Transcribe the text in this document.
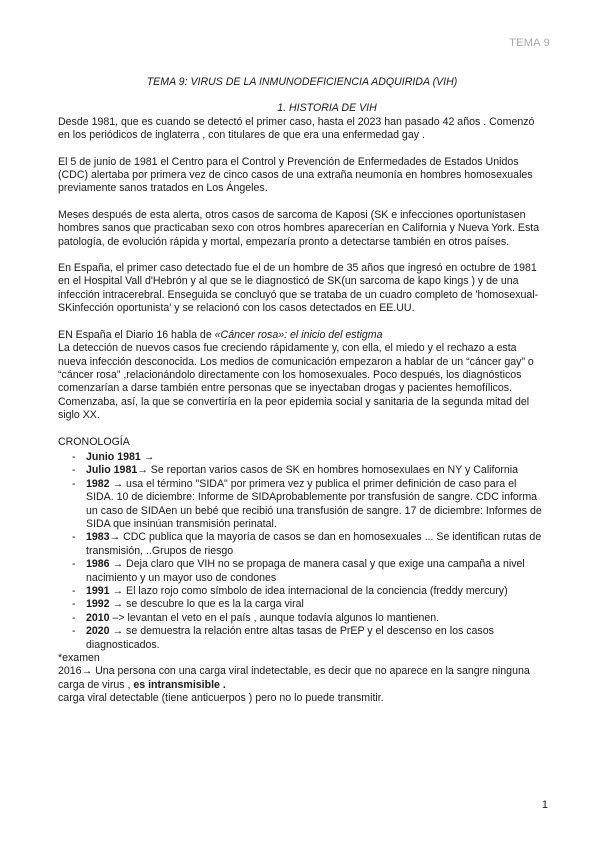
TEMA 9
TEMA 9: VIRUS DE LA INMUNODEFICIENCIA ADQUIRIDA (VIH)
1. HISTORIA DE VIH

Desde 1981, que es cuando se detectó el primer caso, hasta el 2023 han pasado 42 años . Comenzó en los periódicos de inglaterra , con titulares de que era una enfermedad gay .

El 5 de junio de 1981 el Centro para el Control y Prevención de Enfermedades de Estados Unidos (CDC) alertaba por primera vez de cinco casos de una extraña neumonía en hombres homosexuales previamente sanos tratados en Los Ángeles.

Meses después de esta alerta, otros casos de sarcoma de Kaposi (SK e infecciones oportunistasen hombres sanos que practicaban sexo con otros hombres aparecerían en California y Nueva York. Esta patología, de evolución rápida y mortal, empezaría pronto a detectarse también en otros países.

En España, el primer caso detectado fue el de un hombre de 35 años que ingresó en octubre de 1981 en el Hospital Vall d'Hebrón y al que se le diagnosticó de SK(un sarcoma de kapo kings ) y de una infección intracerebral. Enseguida se concluyó que se trataba de un cuadro completo de 'homosexual-SKinfección oportunista' y se relacionó con los casos detectados en EE.UU.

EN España el Diario 16 habla de «Cáncer rosa»: el inicio del estigma

La detección de nuevos casos fue creciendo rápidamente y, con ella, el miedo y el rechazo a esta nueva infección desconocida. Los medios de comunicación empezaron a hablar de un “cáncer gay” o “cáncer rosa” ,relacionándolo directamente con los homosexuales. Poco después, los diagnósticos comenzarían a darse también entre personas que se inyectaban drogas y pacientes hemofílicos. Comenzaba, así, la que se convertiría en la peor epidemia social y sanitaria de la segunda mitad del siglo XX.

CRONOLOGÍA
- Junio 1981 →
- Julio 1981→ Se reportan varios casos de SK en hombres homosexulaes en NY y California
- 1982 → usa el término "SIDA" por primera vez y publica el primer definición de caso para el SIDA. 10 de diciembre: Informe de SIDAprobablemente por transfusión de sangre. CDC informa un caso de SIDAen un bebé que recibió una transfusión de sangre. 17 de diciembre: Informes de SIDA que insinúan transmisión perinatal.
- 1983→ CDC publica que la mayoría de casos se dan en homosexuales ... Se identifican rutas de transmisión, ..Grupos de riesgo
- 1986 → Deja claro que VIH no se propaga de manera casal y que exige una campaña a nivel nacimiento y un mayor uso de condones
- 1991 → El lazo rojo como símbolo de idea internacional de la conciencia (freddy mercury)
- 1992 → se descubre lo que es la la carga viral
- 2010 –> levantan el veto en el país , aunque todavía algunos lo mantienen.
- 2020 → se demuestra la relación entre altas tasas de PrEP y el descenso en los casos diagnosticados.
*examen
2016→ Una persona con una carga viral indetectable, es decir que no aparece en la sangre ninguna carga de virus , es intransmisible .
carga viral detectable (tiene anticuerpos ) pero no lo puede transmitir.
1
